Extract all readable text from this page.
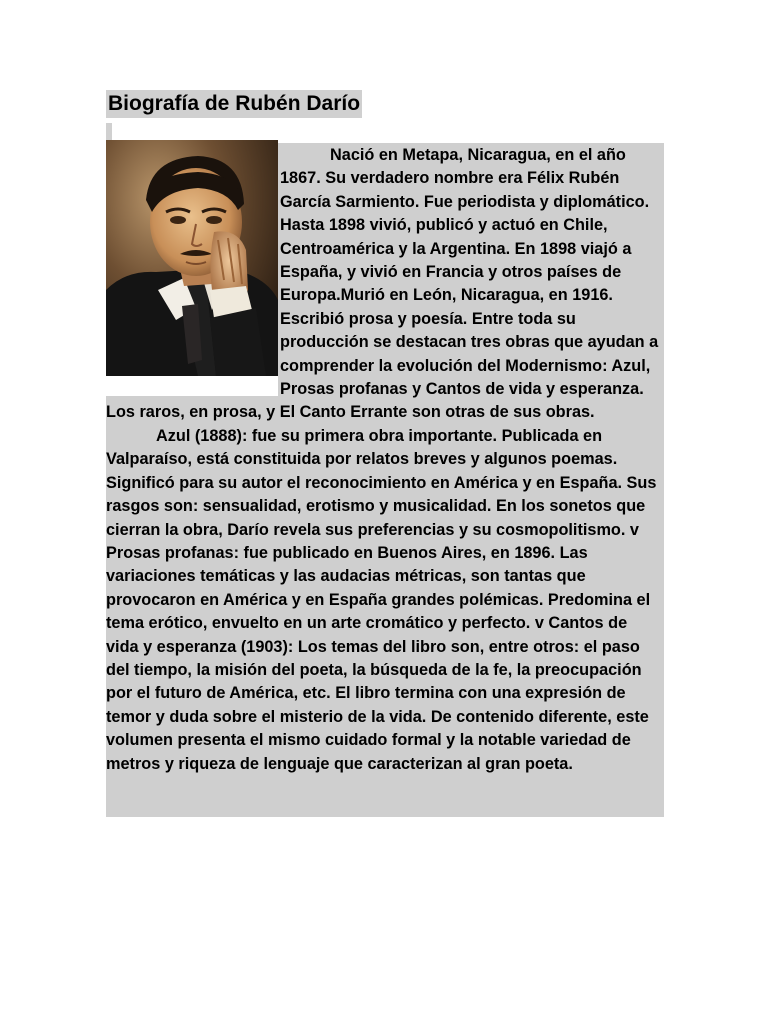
Biografía de Rubén Darío

Nació en Metapa, Nicaragua, en el año 1867. Su verdadero nombre era Félix Rubén García Sarmiento. Fue periodista y diplomático. Hasta 1898 vivió, publicó y actuó en Chile, Centroamérica y la Argentina. En 1898 viajó a España, y vivió en Francia y otros países de Europa.Murió en León, Nicaragua, en 1916. Escribió prosa y poesía. Entre toda su producción se destacan tres obras que ayudan a comprender la evolución del Modernismo: Azul, Prosas profanas y Cantos de vida y esperanza. Los raros, en prosa, y El Canto Errante son otras de sus obras.

Azul (1888): fue su primera obra importante. Publicada en Valparaíso, está constituida por relatos breves y algunos poemas. Significó para su autor el reconocimiento en América y en España. Sus rasgos son: sensualidad, erotismo y musicalidad. En los sonetos que cierran la obra, Darío revela sus preferencias y su cosmopolitismo. v Prosas profanas: fue publicado en Buenos Aires, en 1896. Las variaciones temáticas y las audacias métricas, son tantas que provocaron en América y en España grandes polémicas. Predomina el tema erótico, envuelto en un arte cromático y perfecto. v Cantos de vida y esperanza (1903): Los temas del libro son, entre otros: el paso del tiempo, la misión del poeta, la búsqueda de la fe, la preocupación por el futuro de América, etc. El libro termina con una expresión de temor y duda sobre el misterio de la vida. De contenido diferente, este volumen presenta el mismo cuidado formal y la notable variedad de metros y riqueza de lenguaje que caracterizan al gran poeta.
